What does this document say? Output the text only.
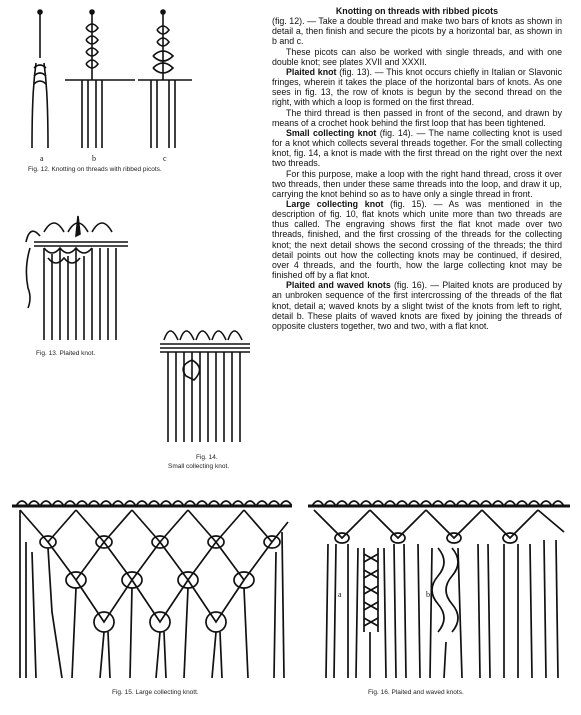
a	b	c
Fig. 12. Knotting on threads with ribbed picots.
Fig. 13. Plaited knot.
Fig. 14.
Small collecting knot.

Knotting on threads with ribbed picots
(fig. 12). — Take a double thread and make two bars of knots as shown in detail a, then finish and secure the picots by a horizontal bar, as shown in b and c.

These picots can also be worked with single threads, and with one double knot; see plates XVII and XXXII.

Plaited knot (fig. 13). — This knot occurs chiefly in Italian or Slavonic fringes, wherein it takes the place of the horizontal bars of knots. As one sees in fig. 13, the row of knots is begun by the second thread on the right, with which a loop is formed on the first thread.

The third thread is then passed in front of the second, and drawn by means of a crochet hook behind the first loop that has been tightened.

Small collecting knot (fig. 14). — The name collecting knot is used for a knot which collects several threads together. For the small collecting knot, fig. 14, a knot is made with the first thread on the right over the next two threads.

For this purpose, make a loop with the right hand thread, cross it over two threads, then under these same threads into the loop, and draw it up, carrying the knot behind so as to have only a single thread in front.

Large collecting knot (fig. 15). — As was mentioned in the description of fig. 10, flat knots which unite more than two threads are thus called. The engraving shows first the flat knot made over two threads, finished, and the first crossing of the threads for the collecting knot; the next detail shows the second crossing of the threads; the third detail points out how the collecting knots may be continued, if desired, over 4 threads, and the fourth, how the large collecting knot may be finished off by a flat knot.

Plaited and waved knots (fig. 16). — Plaited knots are produced by an unbroken sequence of the first intercrossing of the threads of the flat knot, detail a; waved knots by a slight twist of the knots from left to right, detail b. These plaits of waved knots are fixed by joining the threads of opposite clusters together, two and two, with a flat knot.

Fig. 15. Large collecting knott.
a	b
Fig. 16. Plaited and waved knots.
